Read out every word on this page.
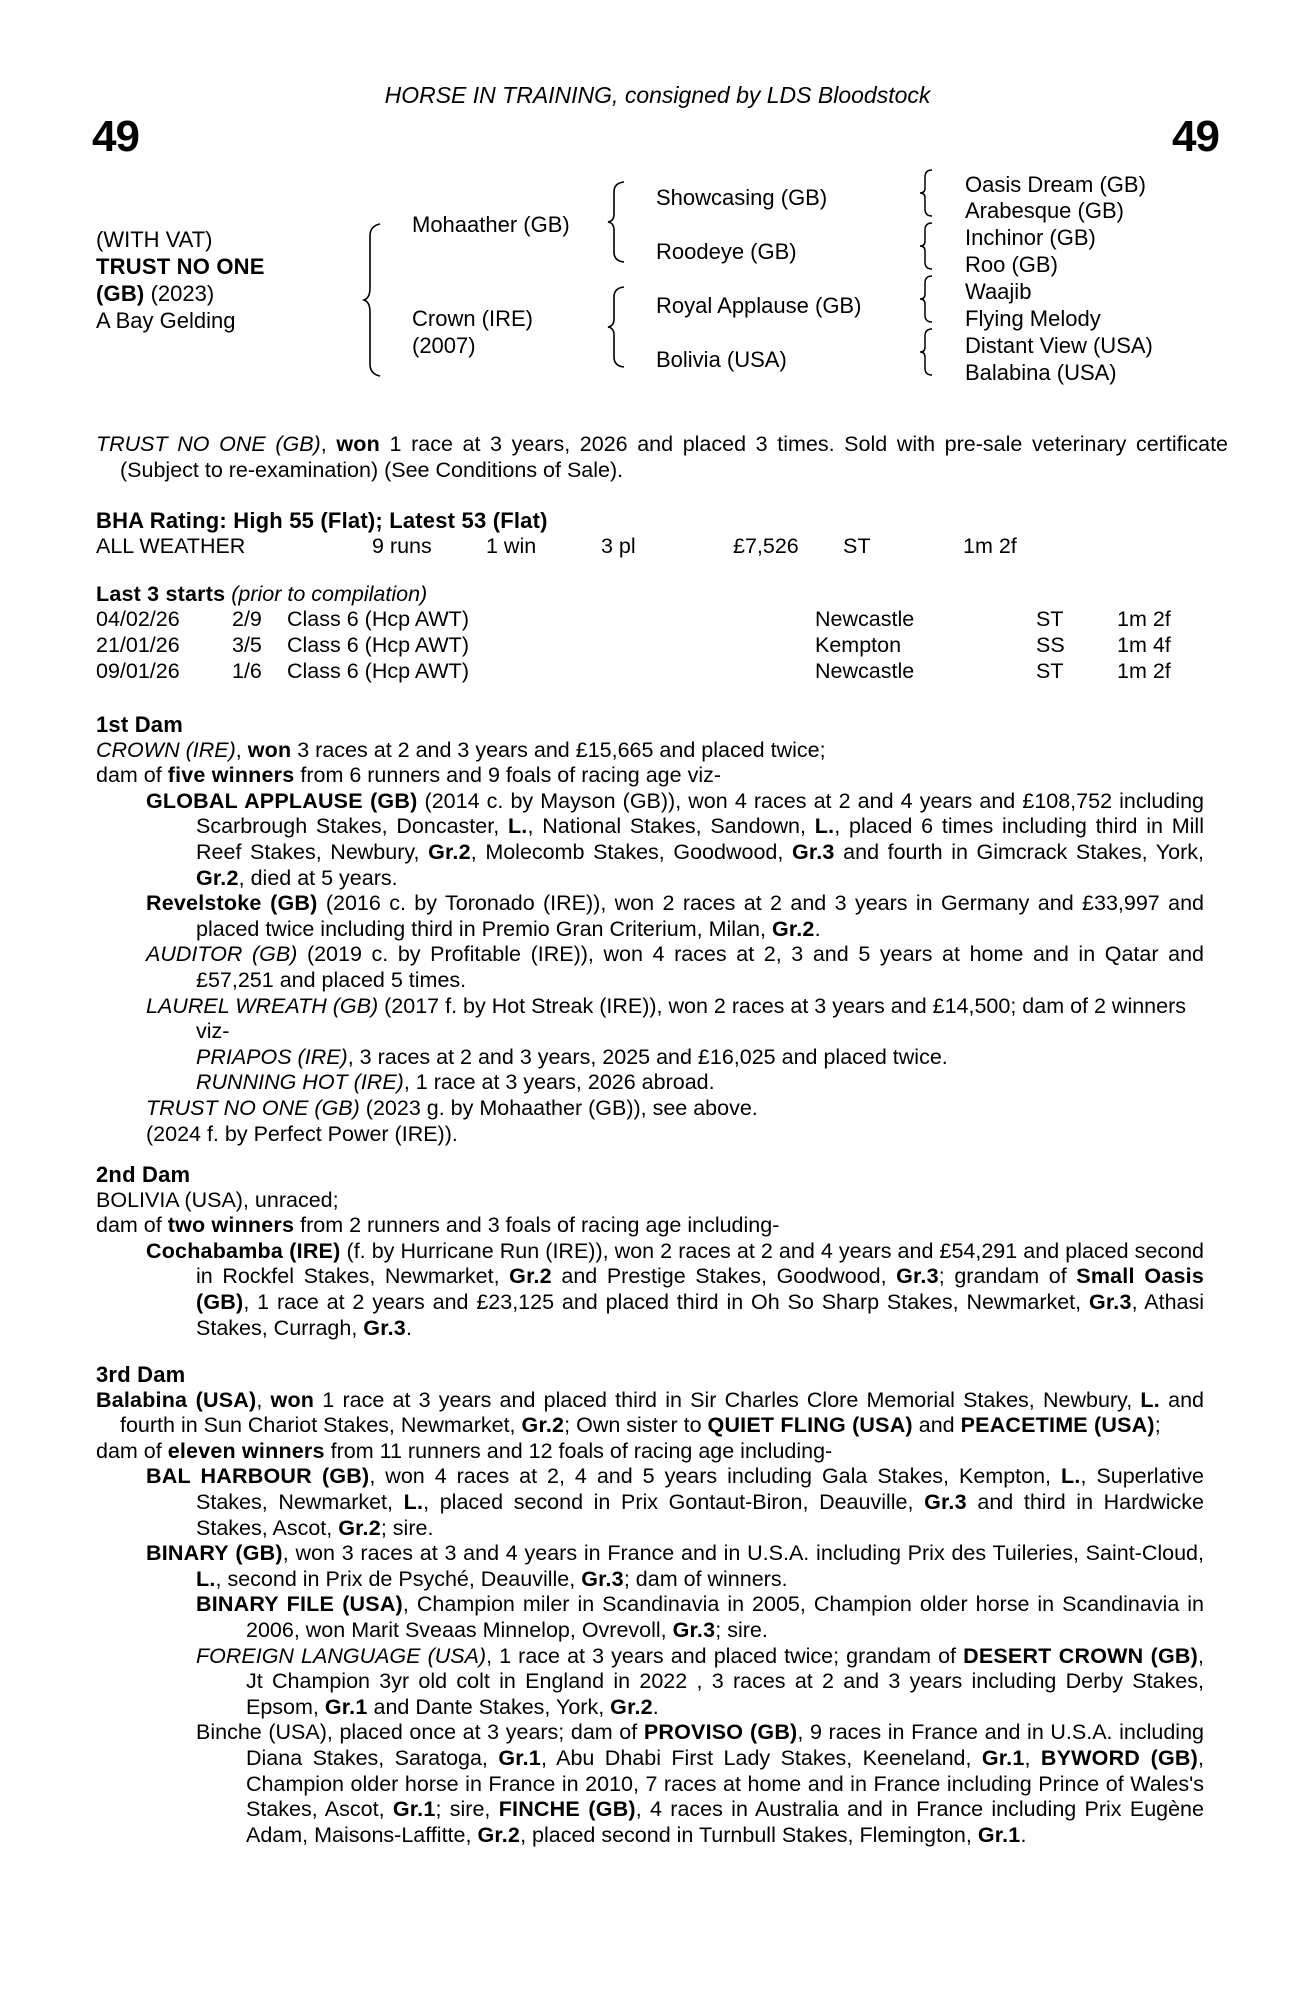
HORSE IN TRAINING, consigned by LDS Bloodstock
49	49
(WITH VAT)
TRUST NO ONE
(GB) (2023)
A Bay Gelding
Mohaather (GB)
Crown (IRE)
(2007)
Showcasing (GB)
Roodeye (GB)
Royal Applause (GB)
Bolivia (USA)
Oasis Dream (GB)
Arabesque (GB)
Inchinor (GB)
Roo (GB)
Waajib
Flying Melody
Distant View (USA)
Balabina (USA)
TRUST NO ONE (GB), won 1 race at 3 years, 2026 and placed 3 times. Sold with pre-sale veterinary certificate (Subject to re-examination) (See Conditions of Sale).
BHA Rating: High 55 (Flat); Latest 53 (Flat)
ALL WEATHER	9 runs	1 win	3 pl	£7,526 ST	1m 2f
Last 3 starts (prior to compilation)
04/02/26 2/9 Class 6 (Hcp AWT)	Newcastle	ST 1m 2f
21/01/26 3/5 Class 6 (Hcp AWT)	Kempton	SS 1m 4f
09/01/26 1/6 Class 6 (Hcp AWT)	Newcastle	ST 1m 2f
1st Dam
CROWN (IRE), won 3 races at 2 and 3 years and £15,665 and placed twice;
dam of five winners from 6 runners and 9 foals of racing age viz-
GLOBAL APPLAUSE (GB) (2014 c. by Mayson (GB)), won 4 races at 2 and 4 years and £108,752 including Scarbrough Stakes, Doncaster, L., National Stakes, Sandown, L., placed 6 times including third in Mill Reef Stakes, Newbury, Gr.2, Molecomb Stakes, Goodwood, Gr.3 and fourth in Gimcrack Stakes, York, Gr.2, died at 5 years.
Revelstoke (GB) (2016 c. by Toronado (IRE)), won 2 races at 2 and 3 years in Germany and £33,997 and placed twice including third in Premio Gran Criterium, Milan, Gr.2.
AUDITOR (GB) (2019 c. by Profitable (IRE)), won 4 races at 2, 3 and 5 years at home and in Qatar and £57,251 and placed 5 times.
LAUREL WREATH (GB) (2017 f. by Hot Streak (IRE)), won 2 races at 3 years and £14,500; dam of 2 winners viz-
PRIAPOS (IRE), 3 races at 2 and 3 years, 2025 and £16,025 and placed twice.
RUNNING HOT (IRE), 1 race at 3 years, 2026 abroad.
TRUST NO ONE (GB) (2023 g. by Mohaather (GB)), see above.
(2024 f. by Perfect Power (IRE)).
2nd Dam
BOLIVIA (USA), unraced;
dam of two winners from 2 runners and 3 foals of racing age including-
Cochabamba (IRE) (f. by Hurricane Run (IRE)), won 2 races at 2 and 4 years and £54,291 and placed second in Rockfel Stakes, Newmarket, Gr.2 and Prestige Stakes, Goodwood, Gr.3; grandam of Small Oasis (GB), 1 race at 2 years and £23,125 and placed third in Oh So Sharp Stakes, Newmarket, Gr.3, Athasi Stakes, Curragh, Gr.3.
3rd Dam
Balabina (USA), won 1 race at 3 years and placed third in Sir Charles Clore Memorial Stakes, Newbury, L. and fourth in Sun Chariot Stakes, Newmarket, Gr.2; Own sister to QUIET FLING (USA) and PEACETIME (USA);
dam of eleven winners from 11 runners and 12 foals of racing age including-
BAL HARBOUR (GB), won 4 races at 2, 4 and 5 years including Gala Stakes, Kempton, L., Superlative Stakes, Newmarket, L., placed second in Prix Gontaut-Biron, Deauville, Gr.3 and third in Hardwicke Stakes, Ascot, Gr.2; sire.
BINARY (GB), won 3 races at 3 and 4 years in France and in U.S.A. including Prix des Tuileries, Saint-Cloud, L., second in Prix de Psyché, Deauville, Gr.3; dam of winners.
BINARY FILE (USA), Champion miler in Scandinavia in 2005, Champion older horse in Scandinavia in 2006, won Marit Sveaas Minnelop, Ovrevoll, Gr.3; sire.
FOREIGN LANGUAGE (USA), 1 race at 3 years and placed twice; grandam of DESERT CROWN (GB), Jt Champion 3yr old colt in England in 2022 , 3 races at 2 and 3 years including Derby Stakes, Epsom, Gr.1 and Dante Stakes, York, Gr.2.
Binche (USA), placed once at 3 years; dam of PROVISO (GB), 9 races in France and in U.S.A. including Diana Stakes, Saratoga, Gr.1, Abu Dhabi First Lady Stakes, Keeneland, Gr.1, BYWORD (GB), Champion older horse in France in 2010, 7 races at home and in France including Prince of Wales's Stakes, Ascot, Gr.1; sire, FINCHE (GB), 4 races in Australia and in France including Prix Eugène Adam, Maisons-Laffitte, Gr.2, placed second in Turnbull Stakes, Flemington, Gr.1.
